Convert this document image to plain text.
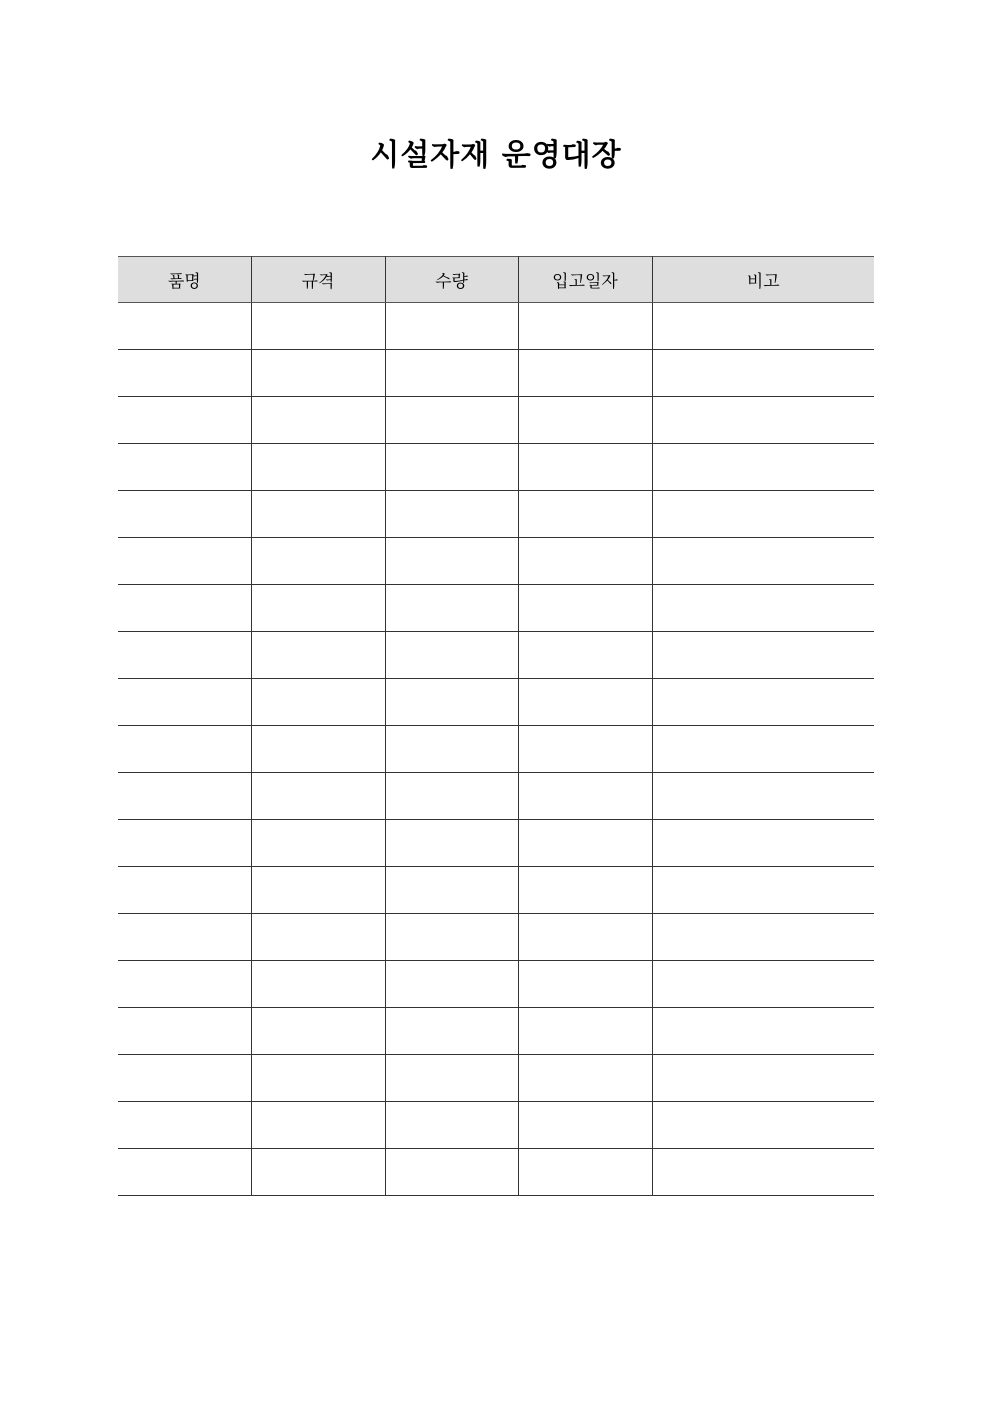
시설자재 운영대장
품명	규격	수량	입고일자	비고
